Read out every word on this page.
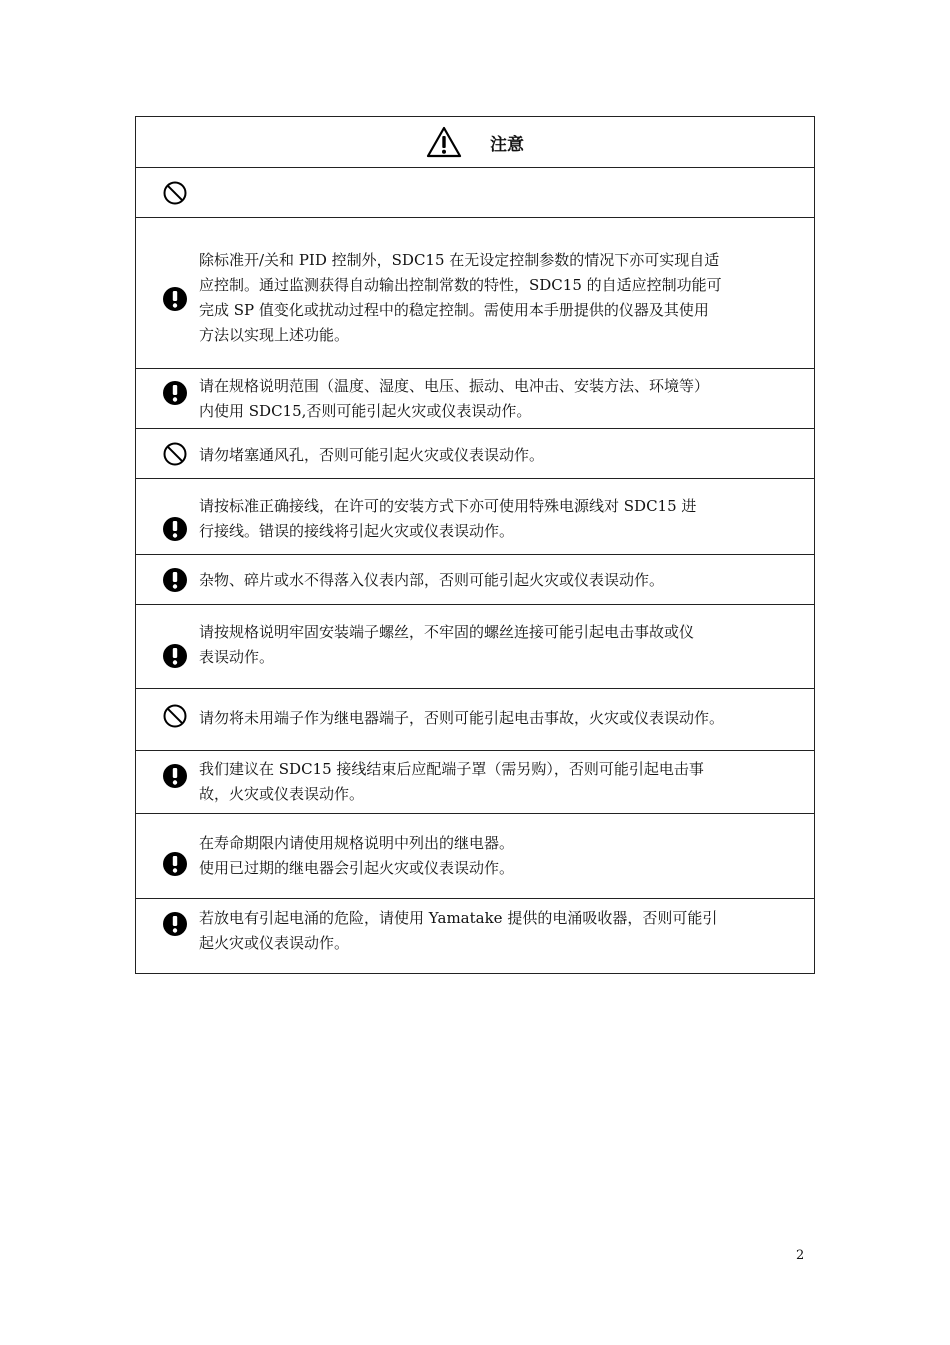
注意
除标准开/关和 PID 控制外，SDC15 在无设定控制参数的情况下亦可实现自适
应控制。通过监测获得自动输出控制常数的特性，SDC15 的自适应控制功能可
完成 SP 值变化或扰动过程中的稳定控制。需使用本手册提供的仪器及其使用
方法以实现上述功能。
请在规格说明范围（温度、湿度、电压、振动、电冲击、安装方法、环境等）
内使用 SDC15,否则可能引起火灾或仪表误动作。
请勿堵塞通风孔，否则可能引起火灾或仪表误动作。
请按标准正确接线，在许可的安装方式下亦可使用特殊电源线对 SDC15 进
行接线。错误的接线将引起火灾或仪表误动作。
杂物、碎片或水不得落入仪表内部，否则可能引起火灾或仪表误动作。
请按规格说明牢固安装端子螺丝，不牢固的螺丝连接可能引起电击事故或仪
表误动作。
请勿将未用端子作为继电器端子，否则可能引起电击事故，火灾或仪表误动作。
我们建议在 SDC15 接线结束后应配端子罩（需另购），否则可能引起电击事
故，火灾或仪表误动作。
在寿命期限内请使用规格说明中列出的继电器。
使用已过期的继电器会引起火灾或仪表误动作。
若放电有引起电涌的危险，请使用 Yamatake 提供的电涌吸收器，否则可能引
起火灾或仪表误动作。
2
